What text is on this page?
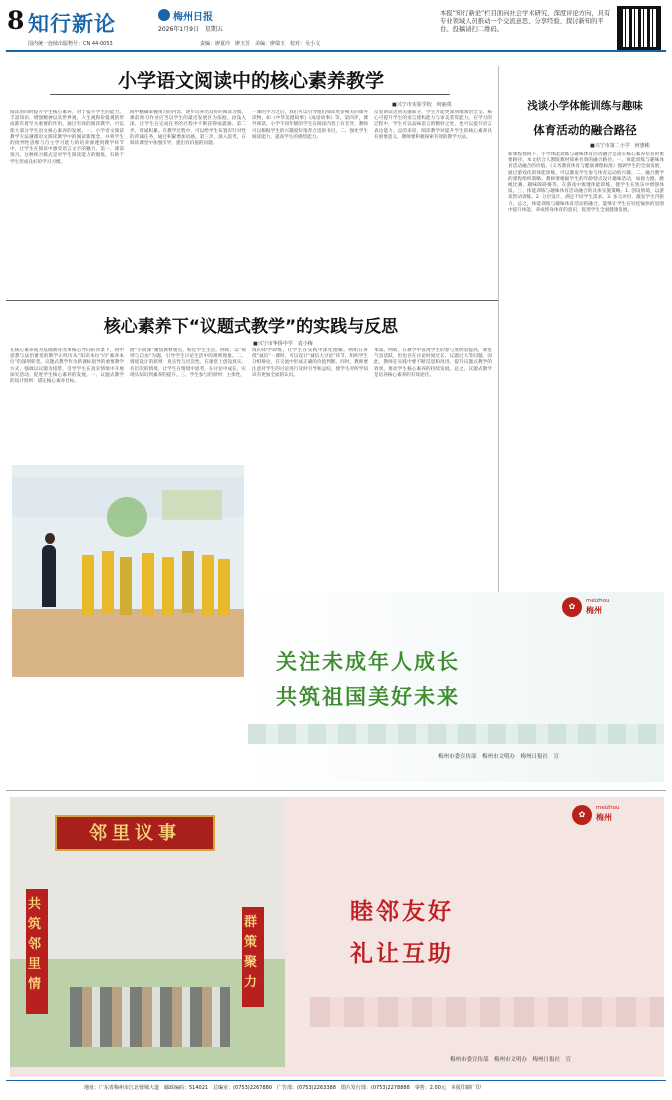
8 知行新论	梅州日报
2026年1月9日　星期五
国内统一连续出版物号：CN 44-0053	责编：廖夏玲　廖玉芳　美编：廖瑞玉　校对：吴小文
本报“知行新论”栏目面向社会学术研究、深度评论方向，具有专业领域人员推动一个交流意思、分享经验、探讨新知的平台。投稿请扫二维码。
小学语文阅读中的核心素养教学
■兴宁市实验学校　何丽英
阅读的同时提升学生核心素养，对于提升学生的能力、丰富知识、增强精神以及世界观、人生观和价值观的形成都有着至关重要的作用。通过有效的阅读教学，可以使大部分学生语文核心素养的发展。一、小学语文阅读教学方法遵循语文阅读教学中的阅读新理念，并将学生的批判性思维与自主学习能力的培养渗透到教学环节中，让学生在阅读中感受语言文字的魅力。第一，课前预习。这种预习模式是对学生阅读能力的锻炼，有助于学生形成良好的学习习惯。
海中精确掌握预习的内容，逐步培养出良好的阅读习惯。课前预习作业应当以学生的最近发展区为依据，由浅入深，让学生在完成任务的过程中不断获得成就感。第二步，背诵积累。在教学过程中，可以给学生布置有针对性的背诵任务，通过积累增加语感。第三步，深入思考，在阅读课堂中加强引导，提出有价值的问题。
一课的学习之后，我们可以引导他们阅读更多相关的课外读物，如《中华美德故事》《成语故事》等。第四步，课外阅读。小学不同年级的学生在阅读内容上有差异，教师可以根据学生的兴趣爱好推荐合适的书目。二、强化学生阅读能力，提高学生的感悟能力。
反复朗读达到关键部分，学生才能更深刻地领悟全文。核心可提升学生的语言建构能力与审美鉴赏能力。在学习的过程中，学生可以品味语言的精妙之处，也可以提升语言表达能力。总的来说，阅读教学对提升学生的核心素养具有重要意义，教师要积极探索有效的教学方法。
核心素养下“议题式教学”的实践与反思
在核心素养成为基础教育改革核心导向的背景下，初中思想与法治课堂的教学正经历从“知识本位”向“素养本位”的深刻转变。议题式教学作为新课标倡导的重要教学方式，强调以议题为纽带，引导学生在真实情境中开展探究活动，促进学生核心素养的发展。一、议题式教学的设计原则：锚定核心素养目标。
展“小而深”聚焦教材重点，贴近学生生活。例如，以“规则与自由”为题，引导学生讨论生活中的规则现象。二、情境设计的原则：真实性与层次性。在课堂上创设真实、有层次的情境，让学生在情境中思考，在讨论中成长，实现从知识到素养的提升。三、学生参与的原则：主体性。
■兴宁市华侨中学　袁小梅
境的即学即练，让学生在实践中深化理解。例如在讲授“诚信”一课时，可以设计“诚信大讨论”环节，组织学生分组辩论，在交流中形成正确的价值判断。同时，教师要注意对学生的讨论进行及时引导和总结，使学生对所学知识有更加全面的认识。
本质。例如，在教学中发现学生的参与度明显提高，课堂气氛活跃，但也存在讨论时间过长、议题过大等问题。因此，教师在实践中要不断反思和改进，提升议题式教学的效果，推动学生核心素养的持续发展。总之，议题式教学是培养核心素养的有效途径。
浅谈小学体能训练与趣味
体育活动的融合路径
■兴宁市第二小学　何惠彬
新课程视域下，小学体能训练与趣味体育活动融合是落实核心素养培育的重要路径。本文结合人教版教材探索有效的融合路径。一、体能训练与趣味体育活动融合的价值。《义务教育体育与健康课程标准》强调学生的全面发展，通过游戏化的体能训练，可以激发学生参与体育运动的兴趣。二、融合教学的课程组织策略。教师要根据学生的年龄特点设计趣味活动，如接力跑、跳绳比赛、趣味障碍赛等，在游戏中渗透体能训练，使学生在快乐中增强体质。三、体能训练与趣味体育活动融合的具体实施策略。1. 创设情境，以游戏带动训练。2. 分层设计，满足不同学生需求。3. 多元评价，激发学生内驱力。总之，体能训练与趣味体育活动的融合，能够让学生在轻松愉快的氛围中提升体能，养成终身体育的意识，促进学生全面健康发展。
✿
meizhou
梅州
关注未成年人成长
共筑祖国美好未来
梅州市委宣传部　梅州市文明办　梅州日报社　宣
邻里议事
共筑邻里情
群策聚力
✿
meizhou
梅州
睦邻友好
礼让互助
梅州市委宣传部　梅州市文明办　梅州日报社　宣
地址：广东省梅州市江北蓉城大道　邮政编码：514021　总编室：(0753)2267880　广告部：(0753)2263388　图片发行部：(0753)2278888　零售：2.00元　本报印刷厂印
